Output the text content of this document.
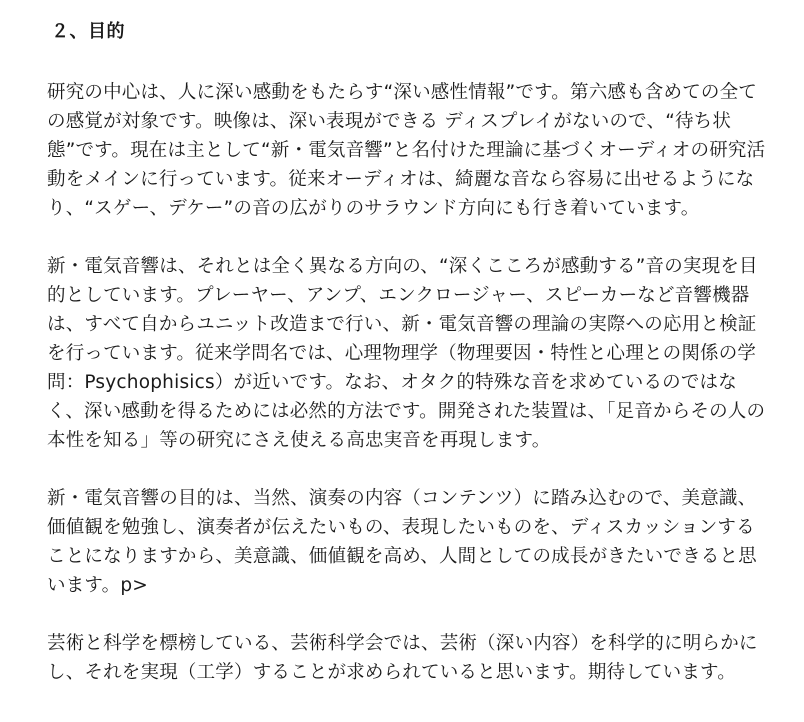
２、目的

研究の中心は、人に深い感動をもたらす“深い感性情報”です。第六感も含めての全ての感覚が対象です。映像は、深い表現ができる ディスプレイがないので、“待ち状態”です。現在は主として“新・電気音響”と名付けた理論に基づくオーディオの研究活動をメインに行っています。従来オーディオは、綺麗な音なら容易に出せるようになり、“スゲー、デケー”の音の広がりのサラウンド方向にも行き着いています。

新・電気音響は、それとは全く異なる方向の、“深くこころが感動する”音の実現を目的としています。プレーヤー、アンプ、エンクロージャー、スピーカーなど音響機器は、すべて自からユニット改造まで行い、新・電気音響の理論の実際への応用と検証を行っています。従来学問名では、心理物理学（物理要因・特性と心理との関係の学問：Psychophisics）が近いです。なお、オタク的特殊な音を求めているのではなく、深い感動を得るためには必然的方法です。開発された装置は、「足音からその人の本性を知る」等の研究にさえ使える高忠実音を再現します。

新・電気音響の目的は、当然、演奏の内容（コンテンツ）に踏み込むので、美意識、価値観を勉強し、演奏者が伝えたいもの、表現したいものを、ディスカッションすることになりますから、美意識、価値観を高め、人間としての成長がきたいできると思います。p>

芸術と科学を標榜している、芸術科学会では、芸術（深い内容）を科学的に明らかにし、それを実現（工学）することが求められていると思います。期待しています。
